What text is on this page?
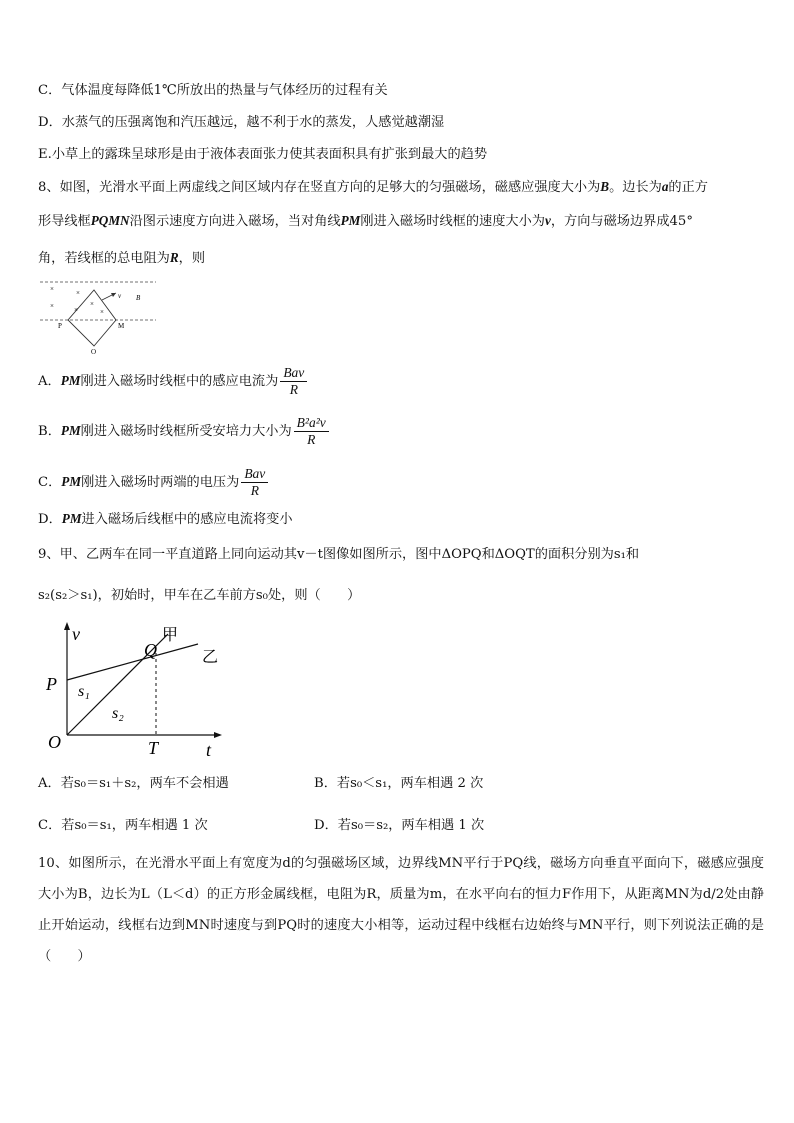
C．气体温度每降低1℃所放出的热量与气体经历的过程有关
D．水蒸气的压强离饱和汽压越远，越不利于水的蒸发，人感觉越潮湿
E.小草上的露珠呈球形是由于液体表面张力使其表面积具有扩张到最大的趋势
8、如图，光滑水平面上两虚线之间区域内存在竖直方向的足够大的匀强磁场，磁感应强度大小为B。边长为a的正方
形导线框PQMN沿图示速度方向进入磁场，当对角线PM刚进入磁场时线框的速度大小为v，方向与磁场边界成45°
角，若线框的总电阻为R，则
×	×
×	×
×
×
v B
P	M
O
A．PM刚进入磁场时线框中的感应电流为 $\frac{\text{Bav}}{R}$
B．PM刚进入磁场时线框所受安培力大小为 $\frac{\text{B²a²v}}{R}$
C．PM刚进入磁场时两端的电压为 $\frac{\text{Bav}}{R}$
D．PM进入磁场后线框中的感应电流将变小
9、甲、乙两车在同一平直道路上同向运动其v－t图像如图所示，图中ΔOPQ和ΔOQT的面积分别为s₁和
s₂(s₂＞s₁)，初始时，甲车在乙车前方s₀处，则（　　）
v
t
O
P
Q
T
甲
乙
s₁
s₂
A．若s₀＝s₁＋s₂，两车不会相遇	B．若s₀＜s₁，两车相遇 2 次
C．若s₀＝s₁，两车相遇 1 次	D．若s₀＝s₂，两车相遇 1 次
10、如图所示，在光滑水平面上有宽度为d的匀强磁场区域，边界线MN平行于PQ线，磁场方向垂直平面向下，磁感应强度大小为B，边长为L（L＜d）的正方形金属线框，电阻为R，质量为m，在水平向右的恒力F作用下，从距离MN为d/2处由静止开始运动，线框右边到MN时速度与到PQ时的速度大小相等，运动过程中线框右边始终与MN平行，则下列说法正确的是（　　）
